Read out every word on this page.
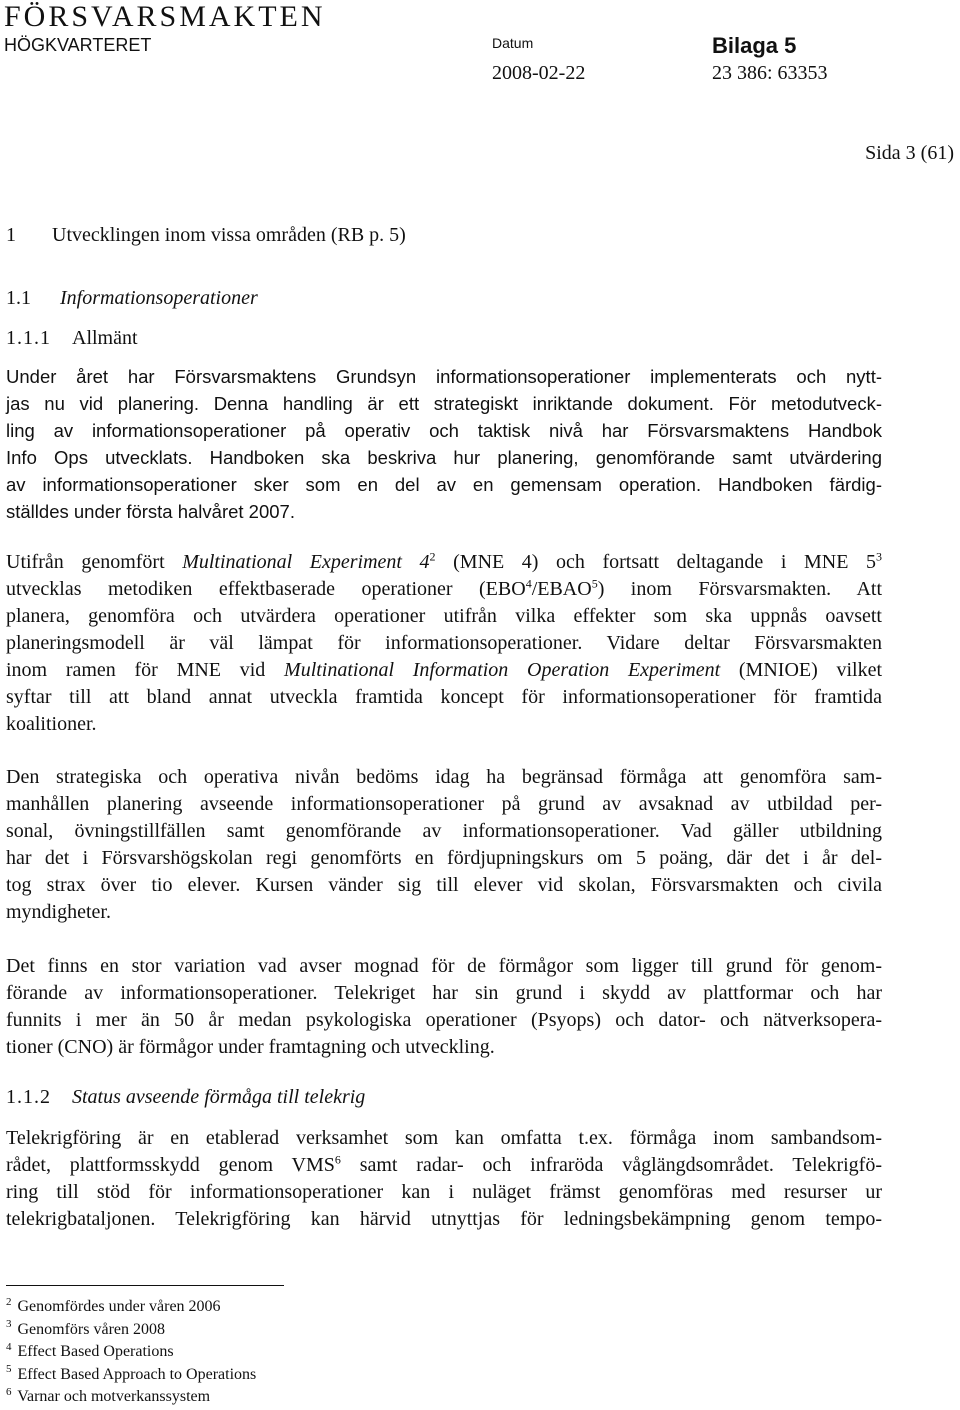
FÖRSVARSMAKTEN
HÖGKVARTERET	Datum	Bilaga 5
2008-02-22	23 386: 63353
Sida 3 (61)
1 Utvecklingen inom vissa områden (RB p. 5)
1.1 Informationsoperationer
1.1.1 Allmänt
Under året har Försvarsmaktens Grundsyn informationsoperationer implementerats och nytt-
jas nu vid planering. Denna handling är ett strategiskt inriktande dokument. För metodutveck-
ling av informationsoperationer på operativ och taktisk nivå har Försvarsmaktens Handbok
Info Ops utvecklats. Handboken ska beskriva hur planering, genomförande samt utvärdering
av informationsoperationer sker som en del av en gemensam operation. Handboken färdig-
ställdes under första halvåret 2007.
Utifrån genomfört Multinational Experiment $4^2$ (MNE 4) och fortsatt deltagande i MNE $5^3$
utvecklas metodiken effektbaserade operationer (EBO$^4$/EBAO$^5$) inom Försvarsmakten. Att
planera, genomföra och utvärdera operationer utifrån vilka effekter som ska uppnås oavsett
planeringsmodell är väl lämpat för informationsoperationer. Vidare deltar Försvarsmakten
inom ramen för MNE vid Multinational Information Operation Experiment (MNIOE) vilket
syftar till att bland annat utveckla framtida koncept för informationsoperationer för framtida
koalitioner.
Den strategiska och operativa nivån bedöms idag ha begränsad förmåga att genomföra sam-
manhållen planering avseende informationsoperationer på grund av avsaknad av utbildad per-
sonal, övningstillfällen samt genomförande av informationsoperationer. Vad gäller utbildning
har det i Försvarshögskolan regi genomförts en fördjupningskurs om 5 poäng, där det i år del-
tog strax över tio elever. Kursen vänder sig till elever vid skolan, Försvarsmakten och civila
myndigheter.
Det finns en stor variation vad avser mognad för de förmågor som ligger till grund för genom-
förande av informationsoperationer. Telekriget har sin grund i skydd av plattformar och har
funnits i mer än 50 år medan psykologiska operationer (Psyops) och dator- och nätverksopera-
tioner (CNO) är förmågor under framtagning och utveckling.
1.1.2 Status avseende förmåga till telekrig
Telekrigföring är en etablerad verksamhet som kan omfatta t.ex. förmåga inom sambandsom-
rådet, plattformsskydd genom VMS$^6$ samt radar- och infraröda våglängdsområdet. Telekrigfö-
ring till stöd för informationsoperationer kan i nuläget främst genomföras med resurser ur
telekrigbataljonen. Telekrigföring kan härvid utnyttjas för ledningsbekämpning genom tempo-
$^2$ Genomfördes under våren 2006
$^3$ Genomförs våren 2008
$^4$ Effect Based Operations
$^5$ Effect Based Approach to Operations
$^6$ Varnar och motverkanssystem
